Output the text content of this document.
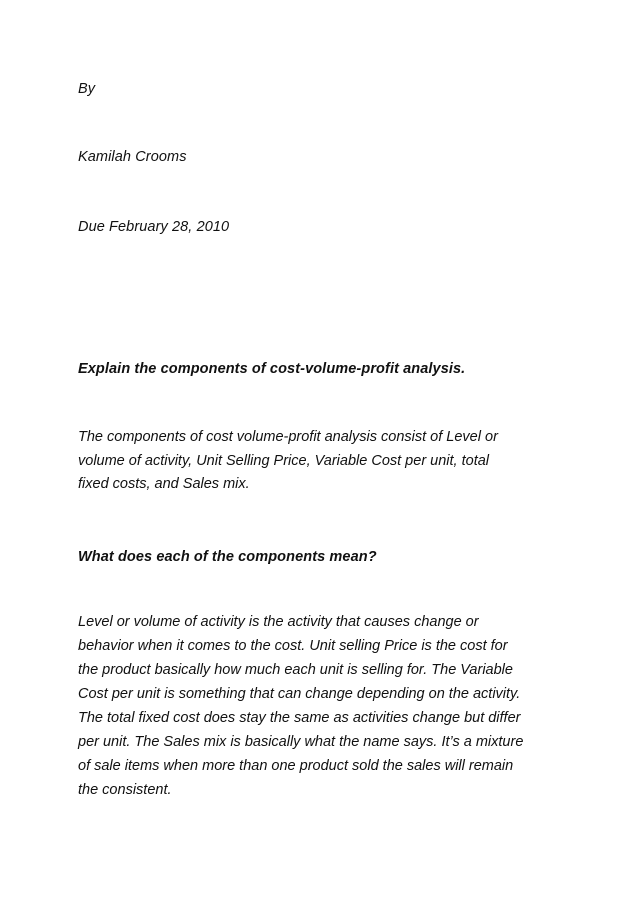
By
Kamilah Crooms
Due February 28, 2010
Explain the components of cost-volume-profit analysis.
The components of cost volume-profit analysis consist of Level or
volume of activity, Unit Selling Price, Variable Cost per unit, total
fixed costs, and Sales mix.
What does each of the components mean?
Level or volume of activity is the activity that causes change or
behavior when it comes to the cost. Unit selling Price is the cost for
the product basically how much each unit is selling for. The Variable
Cost per unit is something that can change depending on the activity.
The total fixed cost does stay the same as activities change but differ
per unit. The Sales mix is basically what the name says. It’s a mixture
of sale items when more than one product sold the sales will remain
the consistent.
